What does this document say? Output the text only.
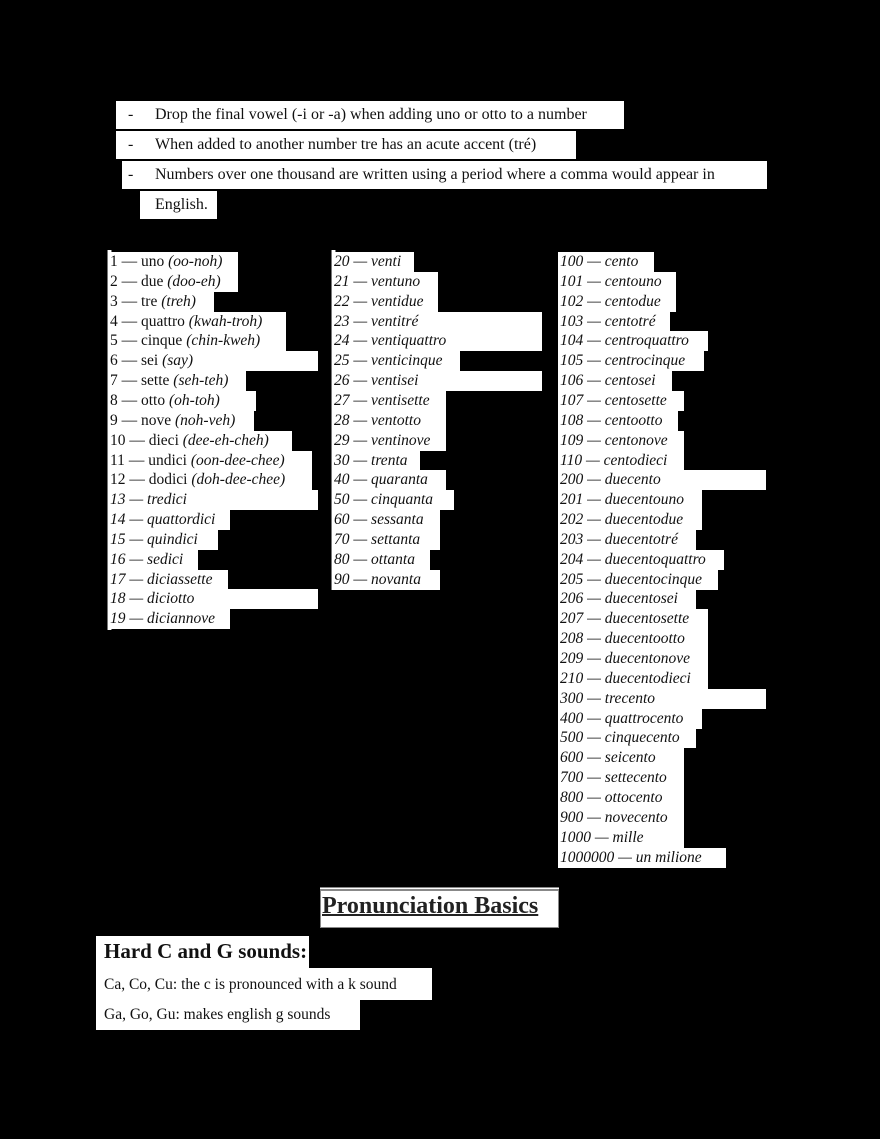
- Drop the final vowel (-i or -a) when adding uno or otto to a number
- When added to another number tre has an acute accent (tré)
- Numbers over one thousand are written using a period where a comma would appear in
English.
1 — uno (oo-noh)
2 — due (doo-eh)
3 — tre (treh)
4 — quattro (kwah-troh)
5 — cinque (chin-kweh)
6 — sei (say)
7 — sette (seh-teh)
8 — otto (oh-toh)
9 — nove (noh-veh)
10 — dieci (dee-eh-cheh)
11 — undici (oon-dee-chee)
12 — dodici (doh-dee-chee)
13 — tredici
14 — quattordici
15 — quindici
16 — sedici
17 — diciassette
18 — diciotto
19 — diciannove
20 — venti
21 — ventuno
22 — ventidue
23 — ventitré
24 — ventiquattro
25 — venticinque
26 — ventisei
27 — ventisette
28 — ventotto
29 — ventinove
30 — trenta
40 — quaranta
50 — cinquanta
60 — sessanta
70 — settanta
80 — ottanta
90 — novanta
100 — cento
101 — centouno
102 — centodue
103 — centotré
104 — centroquattro
105 — centrocinque
106 — centosei
107 — centosette
108 — centootto
109 — centonove
110 — centodieci
200 — duecento
201 — duecentouno
202 — duecentodue
203 — duecentotré
204 — duecentoquattro
205 — duecentocinque
206 — duecentosei
207 — duecentosette
208 — duecentootto
209 — duecentonove
210 — duecentodieci
300 — trecento
400 — quattrocento
500 — cinquecento
600 — seicento
700 — settecento
800 — ottocento
900 — novecento
1000 — mille
1000000 — un milione
Pronunciation Basics
Hard C and G sounds:
Ca, Co, Cu: the c is pronounced with a k sound
Ga, Go, Gu: makes english g sounds
